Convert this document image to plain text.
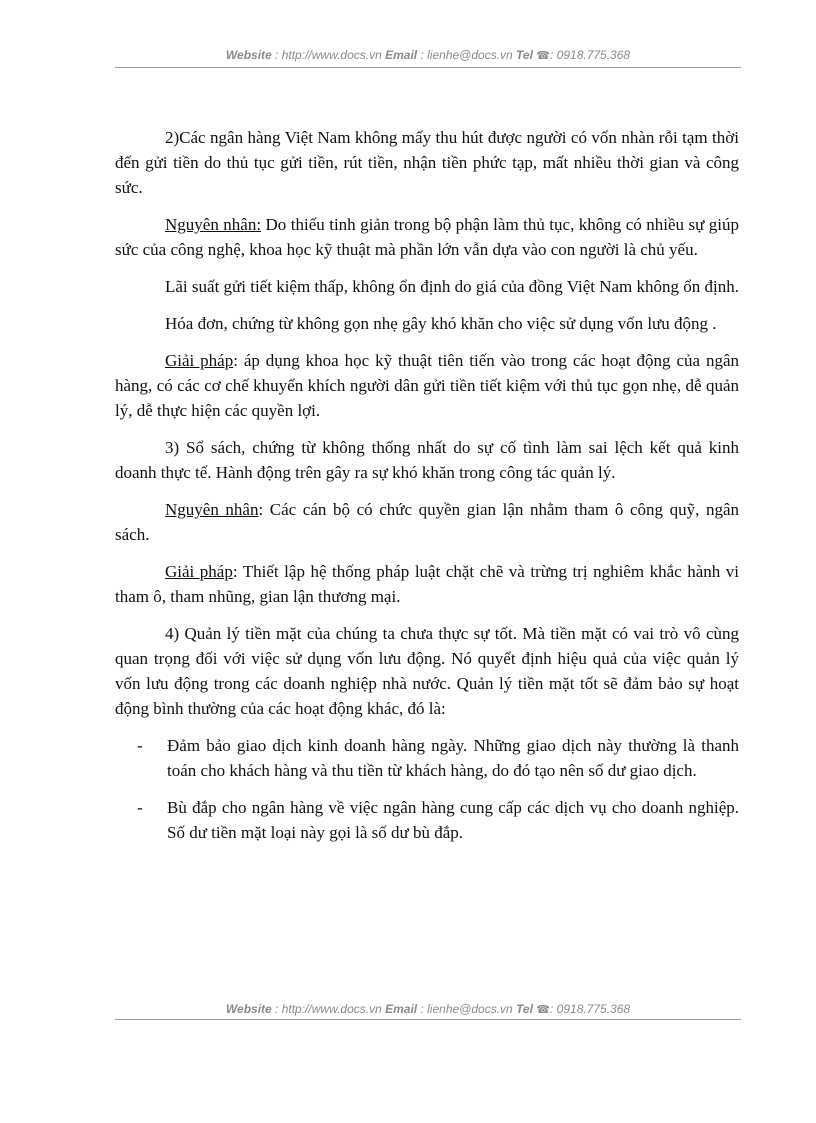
Website : http://www.docs.vn Email : lienhe@docs.vn Tel ☎: 0918.775.368

2)Các ngân hàng Việt Nam không mấy thu hút được người có vốn nhàn rỗi tạm thời đến gửi tiền do thủ tục gửi tiền, rút tiền, nhận tiền phức tạp, mất nhiều thời gian và công sức.

Nguyên nhân: Do thiếu tinh giản trong bộ phận làm thủ tục, không có nhiều sự giúp sức của công nghệ, khoa học kỹ thuật mà phần lớn vẫn dựa vào con người là chủ yếu.

Lãi suất gửi tiết kiệm thấp, không ổn định do giá của đồng Việt Nam không ổn định.

Hóa đơn, chứng từ không gọn nhẹ gây khó khăn cho việc sử dụng vốn lưu động .

Giải pháp: áp dụng khoa học kỹ thuật tiên tiến vào trong các hoạt động của ngân hàng, có các cơ chế khuyến khích người dân gửi tiền tiết kiệm với thủ tục gọn nhẹ, dễ quản lý, dễ thực hiện các quyền lợi.

3) Sổ sách, chứng từ không thống nhất do sự cố tình làm sai lệch kết quả kinh doanh thực tế. Hành động trên gây ra sự khó khăn trong công tác quản lý.

Nguyên nhân: Các cán bộ có chức quyền gian lận nhằm tham ô công quỹ, ngân sách.

Giải pháp: Thiết lập hệ thống pháp luật chặt chẽ và trừng trị nghiêm khắc hành vi tham ô, tham nhũng, gian lận thương mại.

4) Quản lý tiền mặt của chúng ta chưa thực sự tốt. Mà tiền mặt có vai trò vô cùng quan trọng đối với việc sử dụng vốn lưu động. Nó quyết định hiệu quả của việc quản lý vốn lưu động trong các doanh nghiệp nhà nước. Quản lý tiền mặt tốt sẽ đảm bảo sự hoạt động bình thường của các hoạt động khác, đó là:

-	Đảm bảo giao dịch kinh doanh hàng ngày. Những giao dịch này thường là thanh toán cho khách hàng và thu tiền từ khách hàng, do đó tạo nên số dư giao dịch.
-	Bù đắp cho ngân hàng về việc ngân hàng cung cấp các dịch vụ cho doanh nghiệp. Số dư tiền mặt loại này gọi là số dư bù đắp.
Website : http://www.docs.vn Email : lienhe@docs.vn Tel ☎: 0918.775.368
